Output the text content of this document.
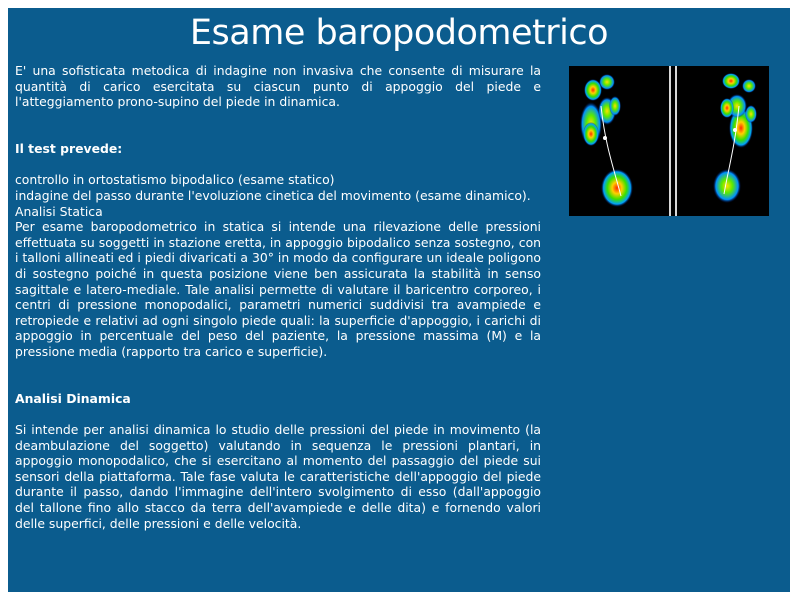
Esame baropodometrico

E' una sofisticata metodica di indagine non invasiva che consente di misurare la quantità di carico esercitata su ciascun punto di appoggio del piede e l'atteggiamento prono-supino del piede in dinamica.

Il test prevede:

controllo in ortostatismo bipodalico (esame statico)

indagine del passo durante l'evoluzione cinetica del movimento (esame dinamico).

Analisi Statica

Per esame baropodometrico in statica si intende una rilevazione delle pressioni effettuata su soggetti in stazione eretta, in appoggio bipodalico senza sostegno, con i talloni allineati ed i piedi divaricati a 30° in modo da configurare un ideale poligono di sostegno poiché in questa posizione viene ben assicurata la stabilità in senso sagittale e latero-mediale. Tale analisi permette di valutare il baricentro corporeo, i centri di pressione monopodalici, parametri numerici suddivisi tra avampiede e retropiede e relativi ad ogni singolo piede quali: la superficie d'appoggio, i carichi di appoggio in percentuale del peso del paziente, la pressione massima (M) e la pressione media (rapporto tra carico e superficie).

Analisi Dinamica

Si intende per analisi dinamica lo studio delle pressioni del piede in movimento (la deambulazione del soggetto) valutando in sequenza le pressioni plantari, in appoggio monopodalico, che si esercitano al momento del passaggio del piede sui sensori della piattaforma. Tale fase valuta le caratteristiche dell'appoggio del piede durante il passo, dando l'immagine dell'intero svolgimento di esso (dall'appoggio del tallone fino allo stacco da terra dell'avampiede e delle dita) e fornendo valori delle superfici, delle pressioni e delle velocità.
